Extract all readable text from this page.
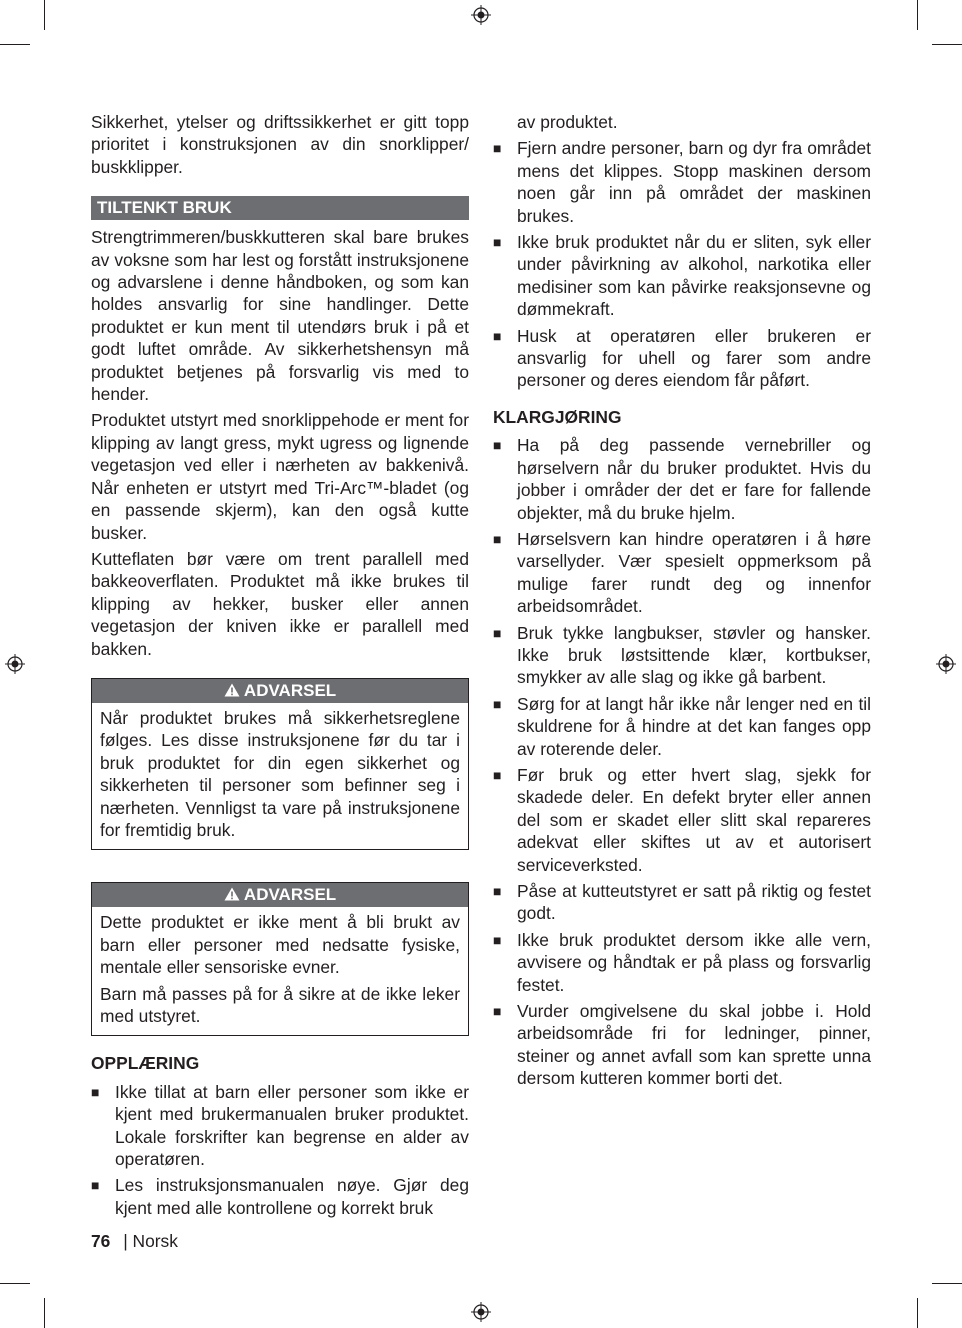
Sikkerhet, ytelser og driftssikkerhet er gitt topp prioritet i konstruksjonen av din snorklipper/ buskklipper.

TILTENKT BRUK

Strengtrimmeren/buskkutteren skal bare brukes av voksne som har lest og forstått instruksjonene og advarslene i denne håndboken, og som kan holdes ansvarlig for sine handlinger. Dette produktet er kun ment til utendørs bruk i på et godt luftet område. Av sikkerhetshensyn må produktet betjenes på forsvarlig vis med to hender.

Produktet utstyrt med snorklippehode er ment for klipping av langt gress, mykt ugress og lignende vegetasjon ved eller i nærheten av bakkenivå. Når enheten er utstyrt med Tri-Arc™-bladet (og en passende skjerm), kan den også kutte busker.

Kutteflaten bør være om trent parallell med bakkeoverflaten. Produktet må ikke brukes til klipping av hekker, busker eller annen vegetasjon der kniven ikke er parallell med bakken.

ADVARSEL

Når produktet brukes må sikkerhetsreglene følges. Les disse instruksjonene før du tar i bruk produktet for din egen sikkerhet og sikkerheten til personer som befinner seg i nærheten. Vennligst ta vare på instruksjonene for fremtidig bruk.

ADVARSEL

Dette produktet er ikke ment å bli brukt av barn eller personer med nedsatte fysiske, mentale eller sensoriske evner.

Barn må passes på for å sikre at de ikke leker med utstyret.

OPPLÆRING
■ Ikke tillat at barn eller personer som ikke er kjent med brukermanualen bruker produktet. Lokale forskrifter kan begrense en alder av operatøren.
■ Les instruksjonsmanualen nøye. Gjør deg kjent med alle kontrollene og korrekt bruk

av produktet.

■ Fjern andre personer, barn og dyr fra området mens det klippes. Stopp maskinen dersom noen går inn på området der maskinen brukes.
■ Ikke bruk produktet når du er sliten, syk eller under påvirkning av alkohol, narkotika eller medisiner som kan påvirke reaksjonsevne og dømmekraft.
■ Husk at operatøren eller brukeren er ansvarlig for uhell og farer som andre personer og deres eiendom får påført.
KLARGJØRING
■ Ha på deg passende vernebriller og hørselvern når du bruker produktet. Hvis du jobber i områder der det er fare for fallende objekter, må du bruke hjelm.
■ Hørselsvern kan hindre operatøren i å høre varsellyder. Vær spesielt oppmerksom på mulige farer rundt deg og innenfor arbeidsområdet.
■ Bruk tykke langbukser, støvler og hansker. Ikke bruk løstsittende klær, kortbukser, smykker av alle slag og ikke gå barbent.
■ Sørg for at langt hår ikke når lenger ned en til skuldrene for å hindre at det kan fanges opp av roterende deler.
■ Før bruk og etter hvert slag, sjekk for skadede deler. En defekt bryter eller annen del som er skadet eller slitt skal repareres adekvat eller skiftes ut av et autorisert serviceverksted.
■ Påse at kutteutstyret er satt på riktig og festet godt.
■ Ikke bruk produktet dersom ikke alle vern, avvisere og håndtak er på plass og forsvarlig festet.
■ Vurder omgivelsene du skal jobbe i. Hold arbeidsområde fri for ledninger, pinner, steiner og annet avfall som kan sprette unna dersom kutteren kommer borti det.
76 | Norsk
